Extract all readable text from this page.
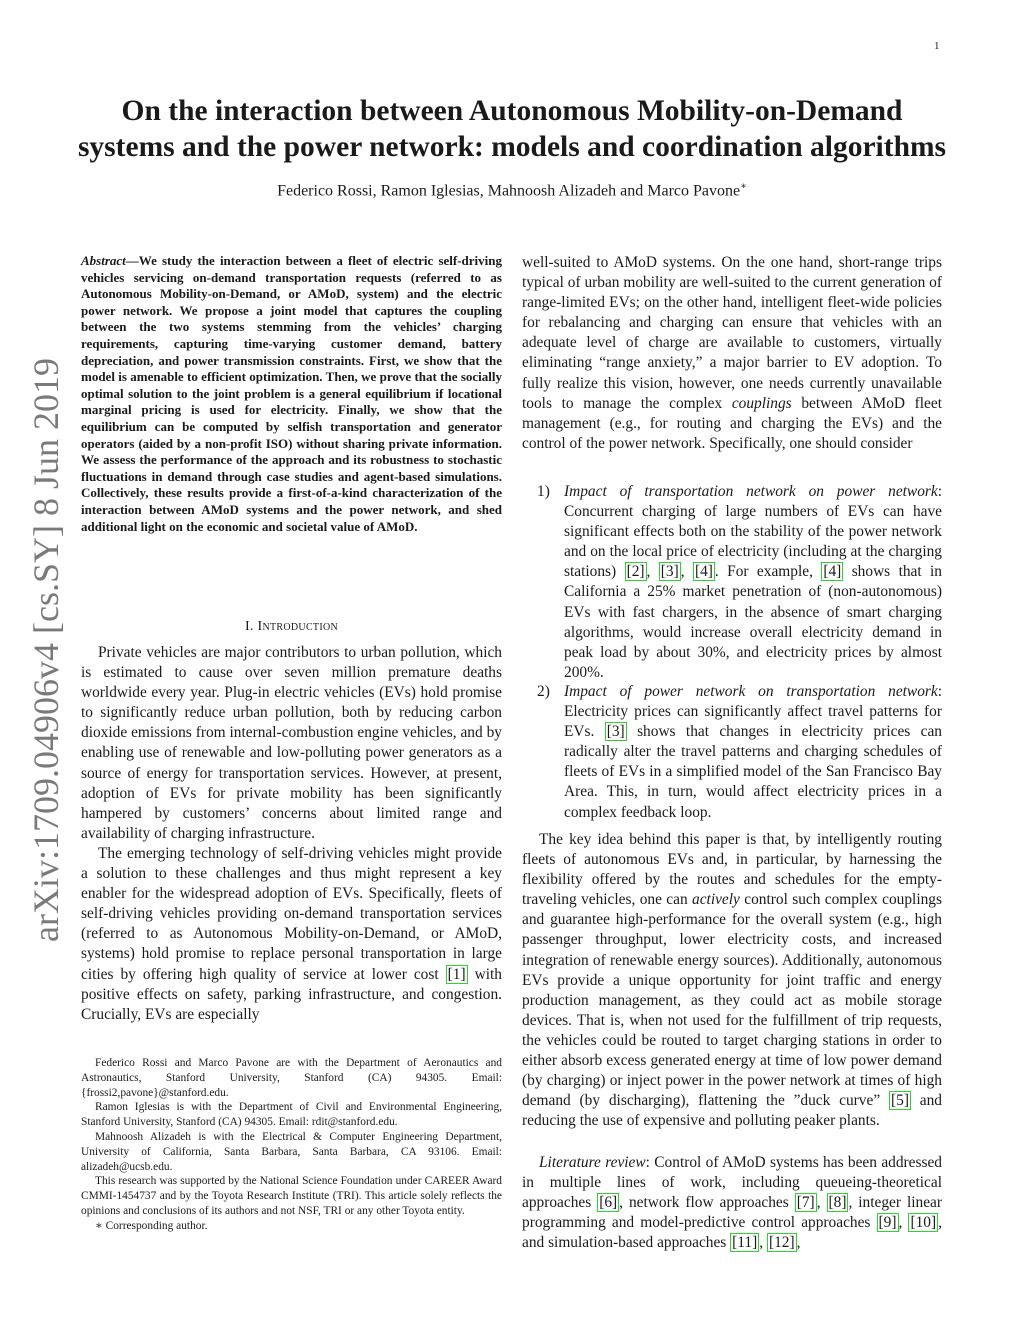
1
arXiv:1709.04906v4 [cs.SY] 8 Jun 2019
On the interaction between Autonomous Mobility-on-Demand
systems and the power network: models and coordination algorithms
Federico Rossi, Ramon Iglesias, Mahnoosh Alizadeh and Marco Pavone∗
Abstract—We study the interaction between a fleet of electric self-driving vehicles servicing on-demand transportation requests (referred to as Autonomous Mobility-on-Demand, or AMoD, system) and the electric power network. We propose a joint model that captures the coupling between the two systems stemming from the vehicles’ charging requirements, capturing time-varying customer demand, battery depreciation, and power transmission constraints. First, we show that the model is amenable to efficient optimization. Then, we prove that the socially optimal solution to the joint problem is a general equilibrium if locational marginal pricing is used for electricity. Finally, we show that the equilibrium can be computed by selfish transportation and generator operators (aided by a non-profit ISO) without sharing private information. We assess the performance of the approach and its robustness to stochastic fluctuations in demand through case studies and agent-based simulations. Collectively, these results provide a first-of-a-kind characterization of the interaction between AMoD systems and the power network, and shed additional light on the economic and societal value of AMoD.
I. Introduction

Private vehicles are major contributors to urban pollution, which is estimated to cause over seven million premature deaths worldwide every year. Plug-in electric vehicles (EVs) hold promise to significantly reduce urban pollution, both by reducing carbon dioxide emissions from internal-combustion engine vehicles, and by enabling use of renewable and low-polluting power generators as a source of energy for transportation services. However, at present, adoption of EVs for private mobility has been significantly hampered by customers’ concerns about limited range and availability of charging infrastructure.

The emerging technology of self-driving vehicles might provide a solution to these challenges and thus might represent a key enabler for the widespread adoption of EVs. Specifically, fleets of self-driving vehicles providing on-demand transportation services (referred to as Autonomous Mobility-on-Demand, or AMoD, systems) hold promise to replace personal transportation in large cities by offering high quality of service at lower cost [1] with positive effects on safety, parking infrastructure, and congestion. Crucially, EVs are especially

Federico Rossi and Marco Pavone are with the Department of Aeronautics and Astronautics, Stanford University, Stanford (CA) 94305. Email: {frossi2,pavone}@stanford.edu.

Ramon Iglesias is with the Department of Civil and Environmental Engineering, Stanford University, Stanford (CA) 94305. Email: rdit@stanford.edu.

Mahnoosh Alizadeh is with the Electrical & Computer Engineering Department, University of California, Santa Barbara, Santa Barbara, CA 93106. Email: alizadeh@ucsb.edu.

This research was supported by the National Science Foundation under CAREER Award CMMI-1454737 and by the Toyota Research Institute (TRI). This article solely reflects the opinions and conclusions of its authors and not NSF, TRI or any other Toyota entity.

∗ Corresponding author.

well-suited to AMoD systems. On the one hand, short-range trips typical of urban mobility are well-suited to the current generation of range-limited EVs; on the other hand, intelligent fleet-wide policies for rebalancing and charging can ensure that vehicles with an adequate level of charge are available to customers, virtually eliminating “range anxiety,” a major barrier to EV adoption. To fully realize this vision, however, one needs currently unavailable tools to manage the complex couplings between AMoD fleet management (e.g., for routing and charging the EVs) and the control of the power network. Specifically, one should consider

1) Impact of transportation network on power network: Concurrent charging of large numbers of EVs can have significant effects both on the stability of the power network and on the local price of electricity (including at the charging stations) [2] , [3] , [4] . For example, [4] shows that in California a 25% market penetration of (non-autonomous) EVs with fast chargers, in the absence of smart charging algorithms, would increase overall electricity demand in peak load by about 30%, and electricity prices by almost 200%.
2) Impact of power network on transportation network: Electricity prices can significantly affect travel patterns for EVs. [3] shows that changes in electricity prices can radically alter the travel patterns and charging schedules of fleets of EVs in a simplified model of the San Francisco Bay Area. This, in turn, would affect electricity prices in a complex feedback loop.

The key idea behind this paper is that, by intelligently routing fleets of autonomous EVs and, in particular, by harnessing the flexibility offered by the routes and schedules for the empty-traveling vehicles, one can actively control such complex couplings and guarantee high-performance for the overall system (e.g., high passenger throughput, lower electricity costs, and increased integration of renewable energy sources). Additionally, autonomous EVs provide a unique opportunity for joint traffic and energy production management, as they could act as mobile storage devices. That is, when not used for the fulfillment of trip requests, the vehicles could be routed to target charging stations in order to either absorb excess generated energy at time of low power demand (by charging) or inject power in the power network at times of high demand (by discharging), flattening the ”duck curve” [5] and reducing the use of expensive and polluting peaker plants.

Literature review: Control of AMoD systems has been addressed in multiple lines of work, including queueing-theoretical approaches [6] , network flow approaches [7] , [8] , integer linear programming and model-predictive control approaches [9] , [10] , and simulation-based approaches [11] , [12] ,
